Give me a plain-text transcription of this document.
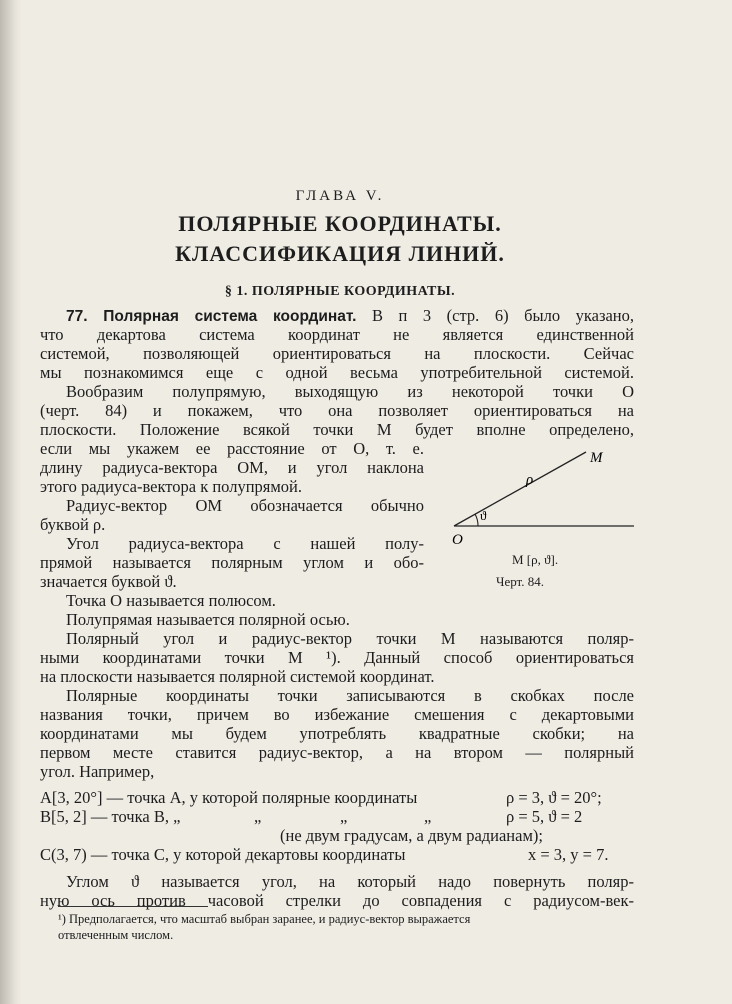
ГЛАВА V.
ПОЛЯРНЫЕ КООРДИНАТЫ.
КЛАССИФИКАЦИЯ ЛИНИЙ.
§ 1. ПОЛЯРНЫЕ КООРДИНАТЫ.
77. Полярная система координат. В п 3 (стр. 6) было указано,
что декартова система координат не является единственной
системой, позволяющей ориентироваться на плоскости. Сейчас
мы познакомимся еще с одной весьма употребительной системой.
Вообразим полупрямую, выходящую из некоторой точки O
(черт. 84) и покажем, что она позволяет ориентироваться на
плоскости. Положение всякой точки M будет вполне определено,
если мы укажем ее расстояние от O, т. е.
длину радиуса-вектора OM, и угол наклона
этого радиуса-вектора к полупрямой.
Радиус-вектор OM обозначается обычно
буквой ρ.
Угол радиуса-вектора с нашей полу-
прямой называется полярным углом и обо-
значается буквой ϑ.
Точка O называется полюсом.
Полупрямая называется полярной осью.
Полярный угол и радиус-вектор точки M называются поляр-
ными координатами точки M ¹). Данный способ ориентироваться
на плоскости называется полярной системой координат.
Полярные координаты точки записываются в скобках после
названия точки, причем во избежание смешения с декартовыми
координатами мы будем употреблять квадратные скобки; на
первом месте ставится радиус-вектор, а на втором — полярный
угол. Например,
M
ρ
ϑ
O
M [ρ, ϑ].
Черт. 84.
A[3, 20°] — точка A, у которой полярные координаты	ρ = 3, ϑ = 20°;
B[5, 2] — точка B, „	„	„	„	ρ = 5, ϑ = 2
(не двум градусам, а двум радианам);
C(3, 7) — точка C, у которой декартовы координаты	x = 3, y = 7.
Углом ϑ называется угол, на который надо повернуть поляр-
ную ось против часовой стрелки до совпадения с радиусом-век-
¹) Предполагается, что масштаб выбран заранее, и радиус-вектор выражается
отвлеченным числом.
